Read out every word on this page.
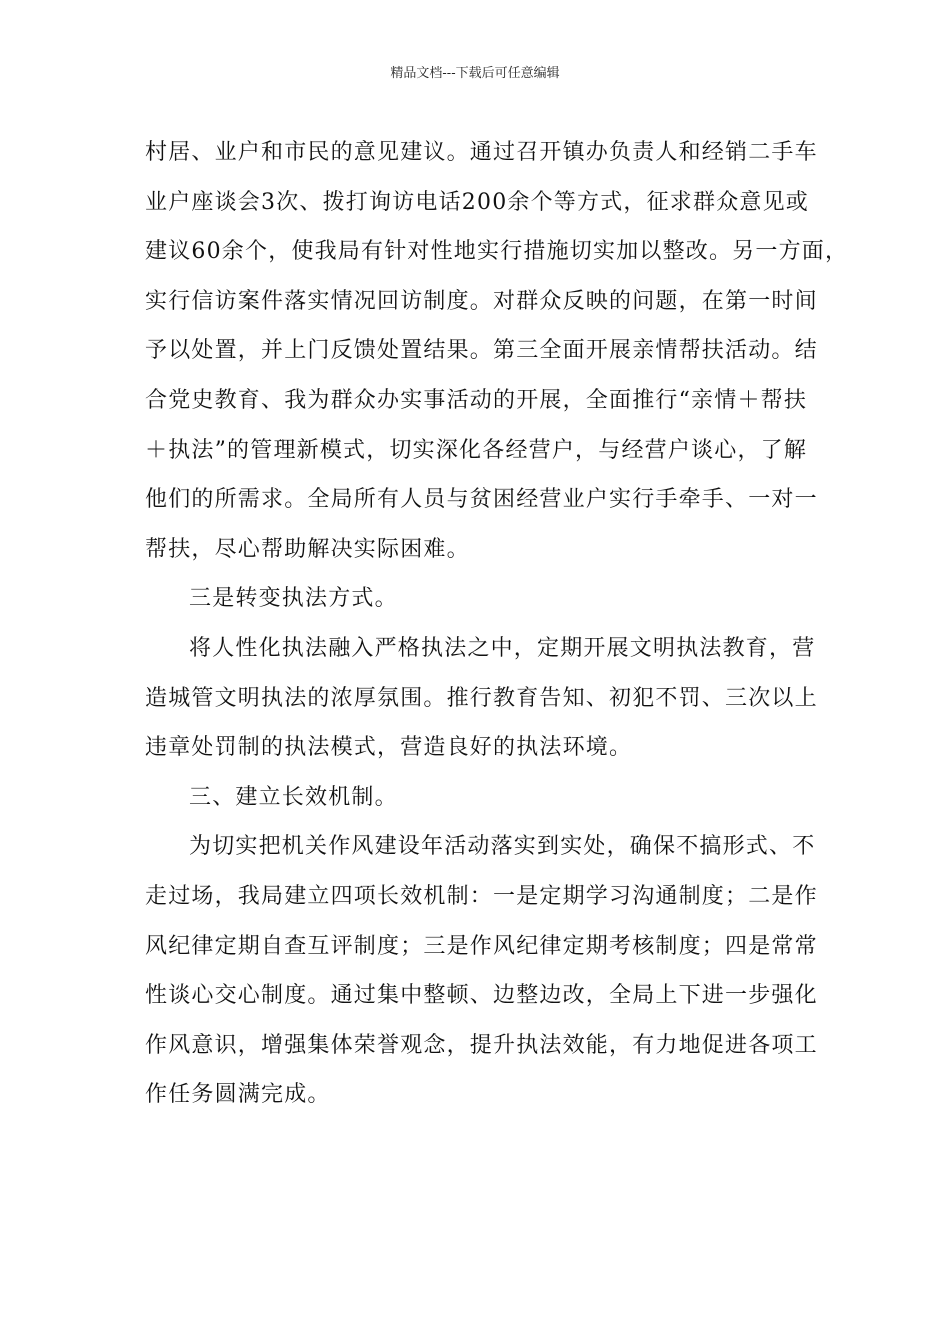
精品文档---下载后可任意编辑
村居、业户和市民的意见建议。通过召开镇办负责人和经销二手车
业户座谈会3次、拨打询访电话200余个等方式，征求群众意见或
建议60余个，使我局有针对性地实行措施切实加以整改。另一方面，
实行信访案件落实情况回访制度。对群众反映的问题，在第一时间
予以处置，并上门反馈处置结果。第三全面开展亲情帮扶活动。结
合党史教育、我为群众办实事活动的开展，全面推行“亲情＋帮扶
＋执法”的管理新模式，切实深化各经营户，与经营户谈心，了解
他们的所需求。全局所有人员与贫困经营业户实行手牵手、一对一
帮扶，尽心帮助解决实际困难。
三是转变执法方式。
将人性化执法融入严格执法之中，定期开展文明执法教育，营
造城管文明执法的浓厚氛围。推行教育告知、初犯不罚、三次以上
违章处罚制的执法模式，营造良好的执法环境。
三、建立长效机制。
为切实把机关作风建设年活动落实到实处，确保不搞形式、不
走过场，我局建立四项长效机制：一是定期学习沟通制度；二是作
风纪律定期自查互评制度；三是作风纪律定期考核制度；四是常常
性谈心交心制度。通过集中整顿、边整边改，全局上下进一步强化
作风意识，增强集体荣誉观念，提升执法效能，有力地促进各项工
作任务圆满完成。
